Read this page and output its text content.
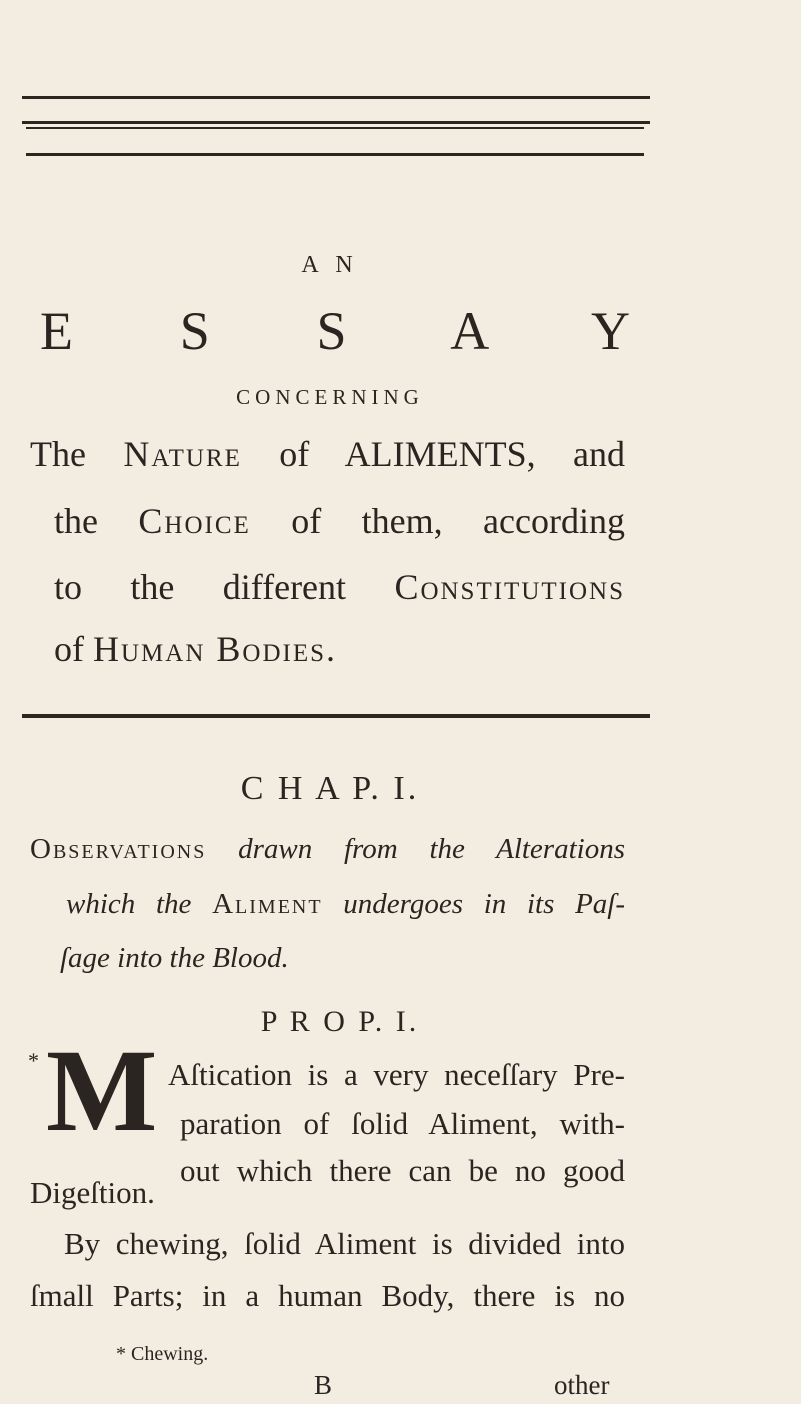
A N
E S S A Y
CONCERNING
The Nature of ALIMENTS, and
the Choice of them, according
to the different Constitutions
of Human Bodies.
C H A P. I.
Observations drawn from the Alterations
which the Aliment undergoes in its Paſ-
ſage into the Blood.
P R O P. I.
* M Aſtication is a very neceſſary Pre-
paration of ſolid Aliment, with-
out which there can be no good
Digeſtion.
By chewing, ſolid Aliment is divided into
ſmall Parts; in a human Body, there is no
* Chewing.
B	other
